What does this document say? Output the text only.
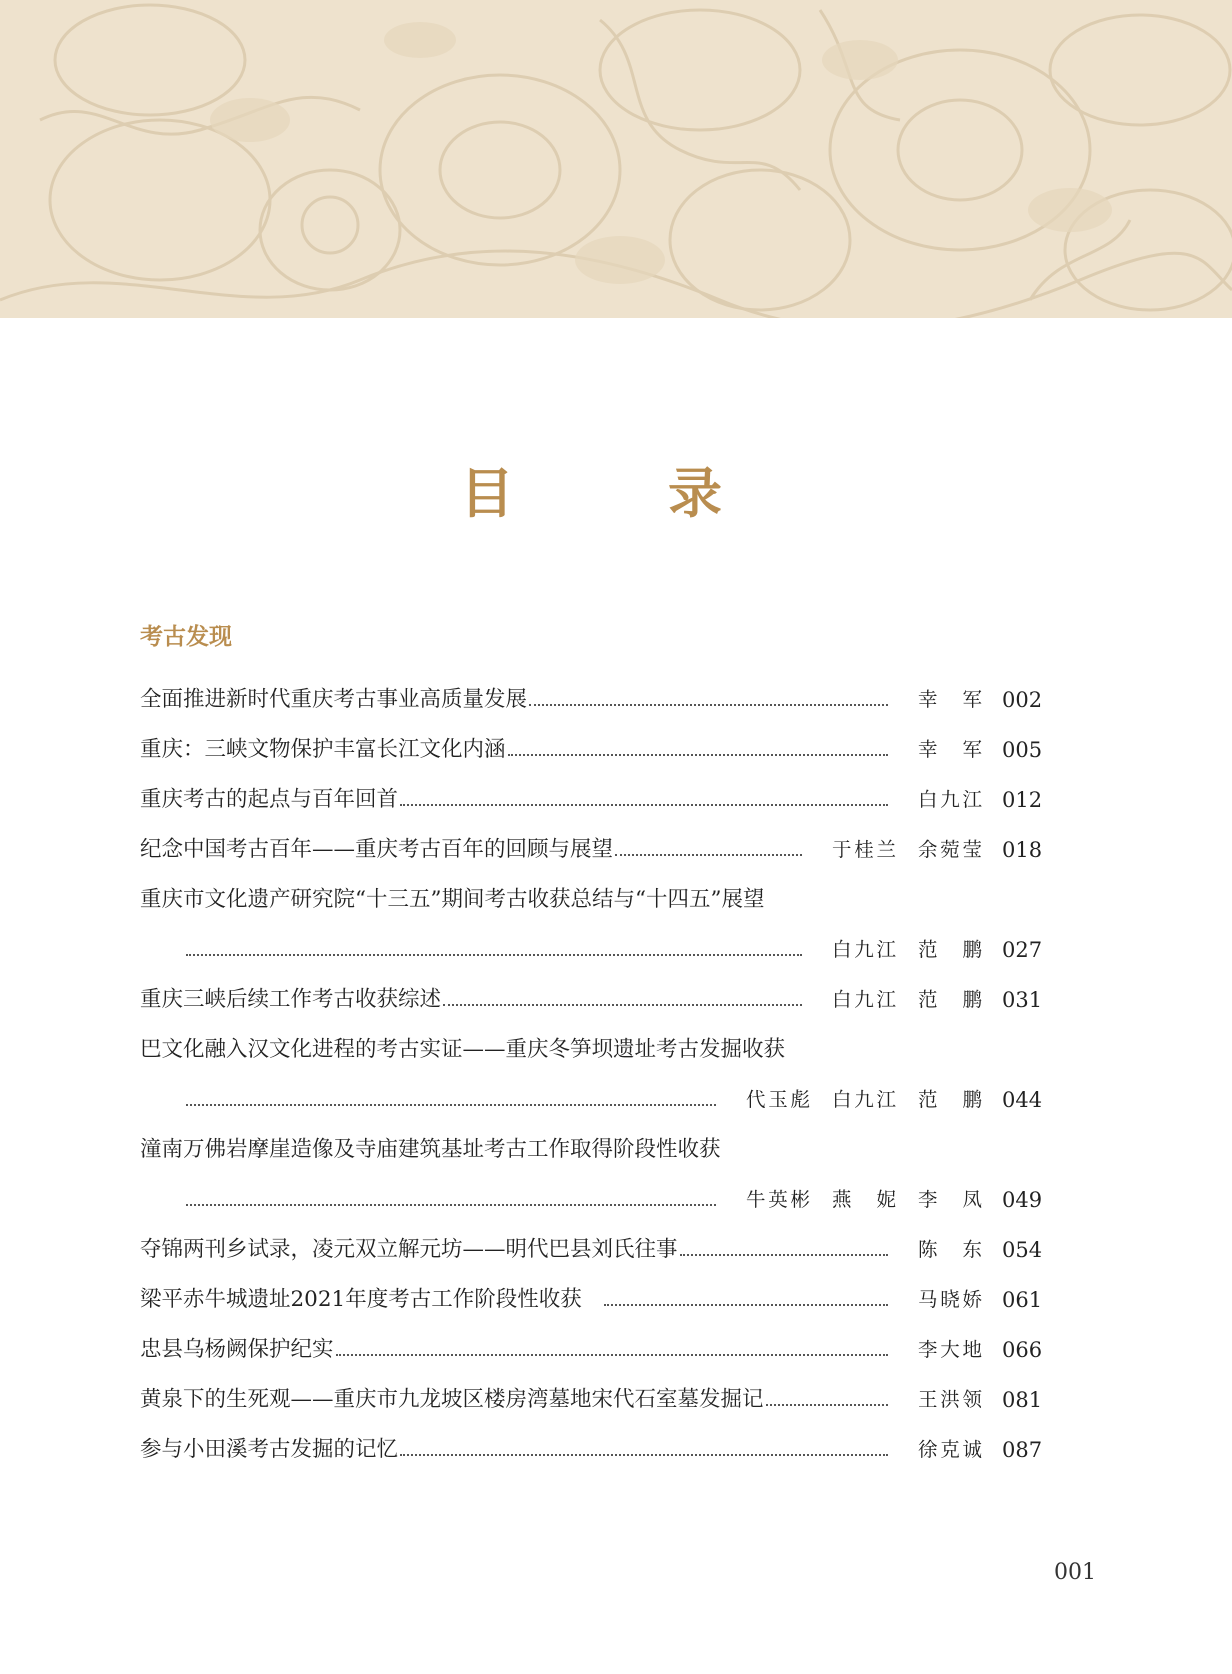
目　录
考古发现
全面推进新时代重庆考古事业高质量发展	幸　军 002
重庆：三峡文物保护丰富长江文化内涵	幸　军 005
重庆考古的起点与百年回首	白九江 012
纪念中国考古百年——重庆考古百年的回顾与展望	于桂兰 余菀莹 018
重庆市文化遗产研究院“十三五”期间考古收获总结与“十四五”展望
白九江 范　鹏 027
重庆三峡后续工作考古收获综述	白九江 范　鹏 031
巴文化融入汉文化进程的考古实证——重庆冬笋坝遗址考古发掘收获
代玉彪 白九江 范　鹏 044
潼南万佛岩摩崖造像及寺庙建筑基址考古工作取得阶段性收获
牛英彬 燕　妮 李　凤 049
夺锦两刊乡试录，凌元双立解元坊——明代巴县刘氏往事	陈　东 054
梁平赤牛城遗址2021年度考古工作阶段性收获	马晓娇 061
忠县乌杨阙保护纪实	李大地 066
黄泉下的生死观——重庆市九龙坡区楼房湾墓地宋代石室墓发掘记	王洪领 081
参与小田溪考古发掘的记忆	徐克诚 087
001
